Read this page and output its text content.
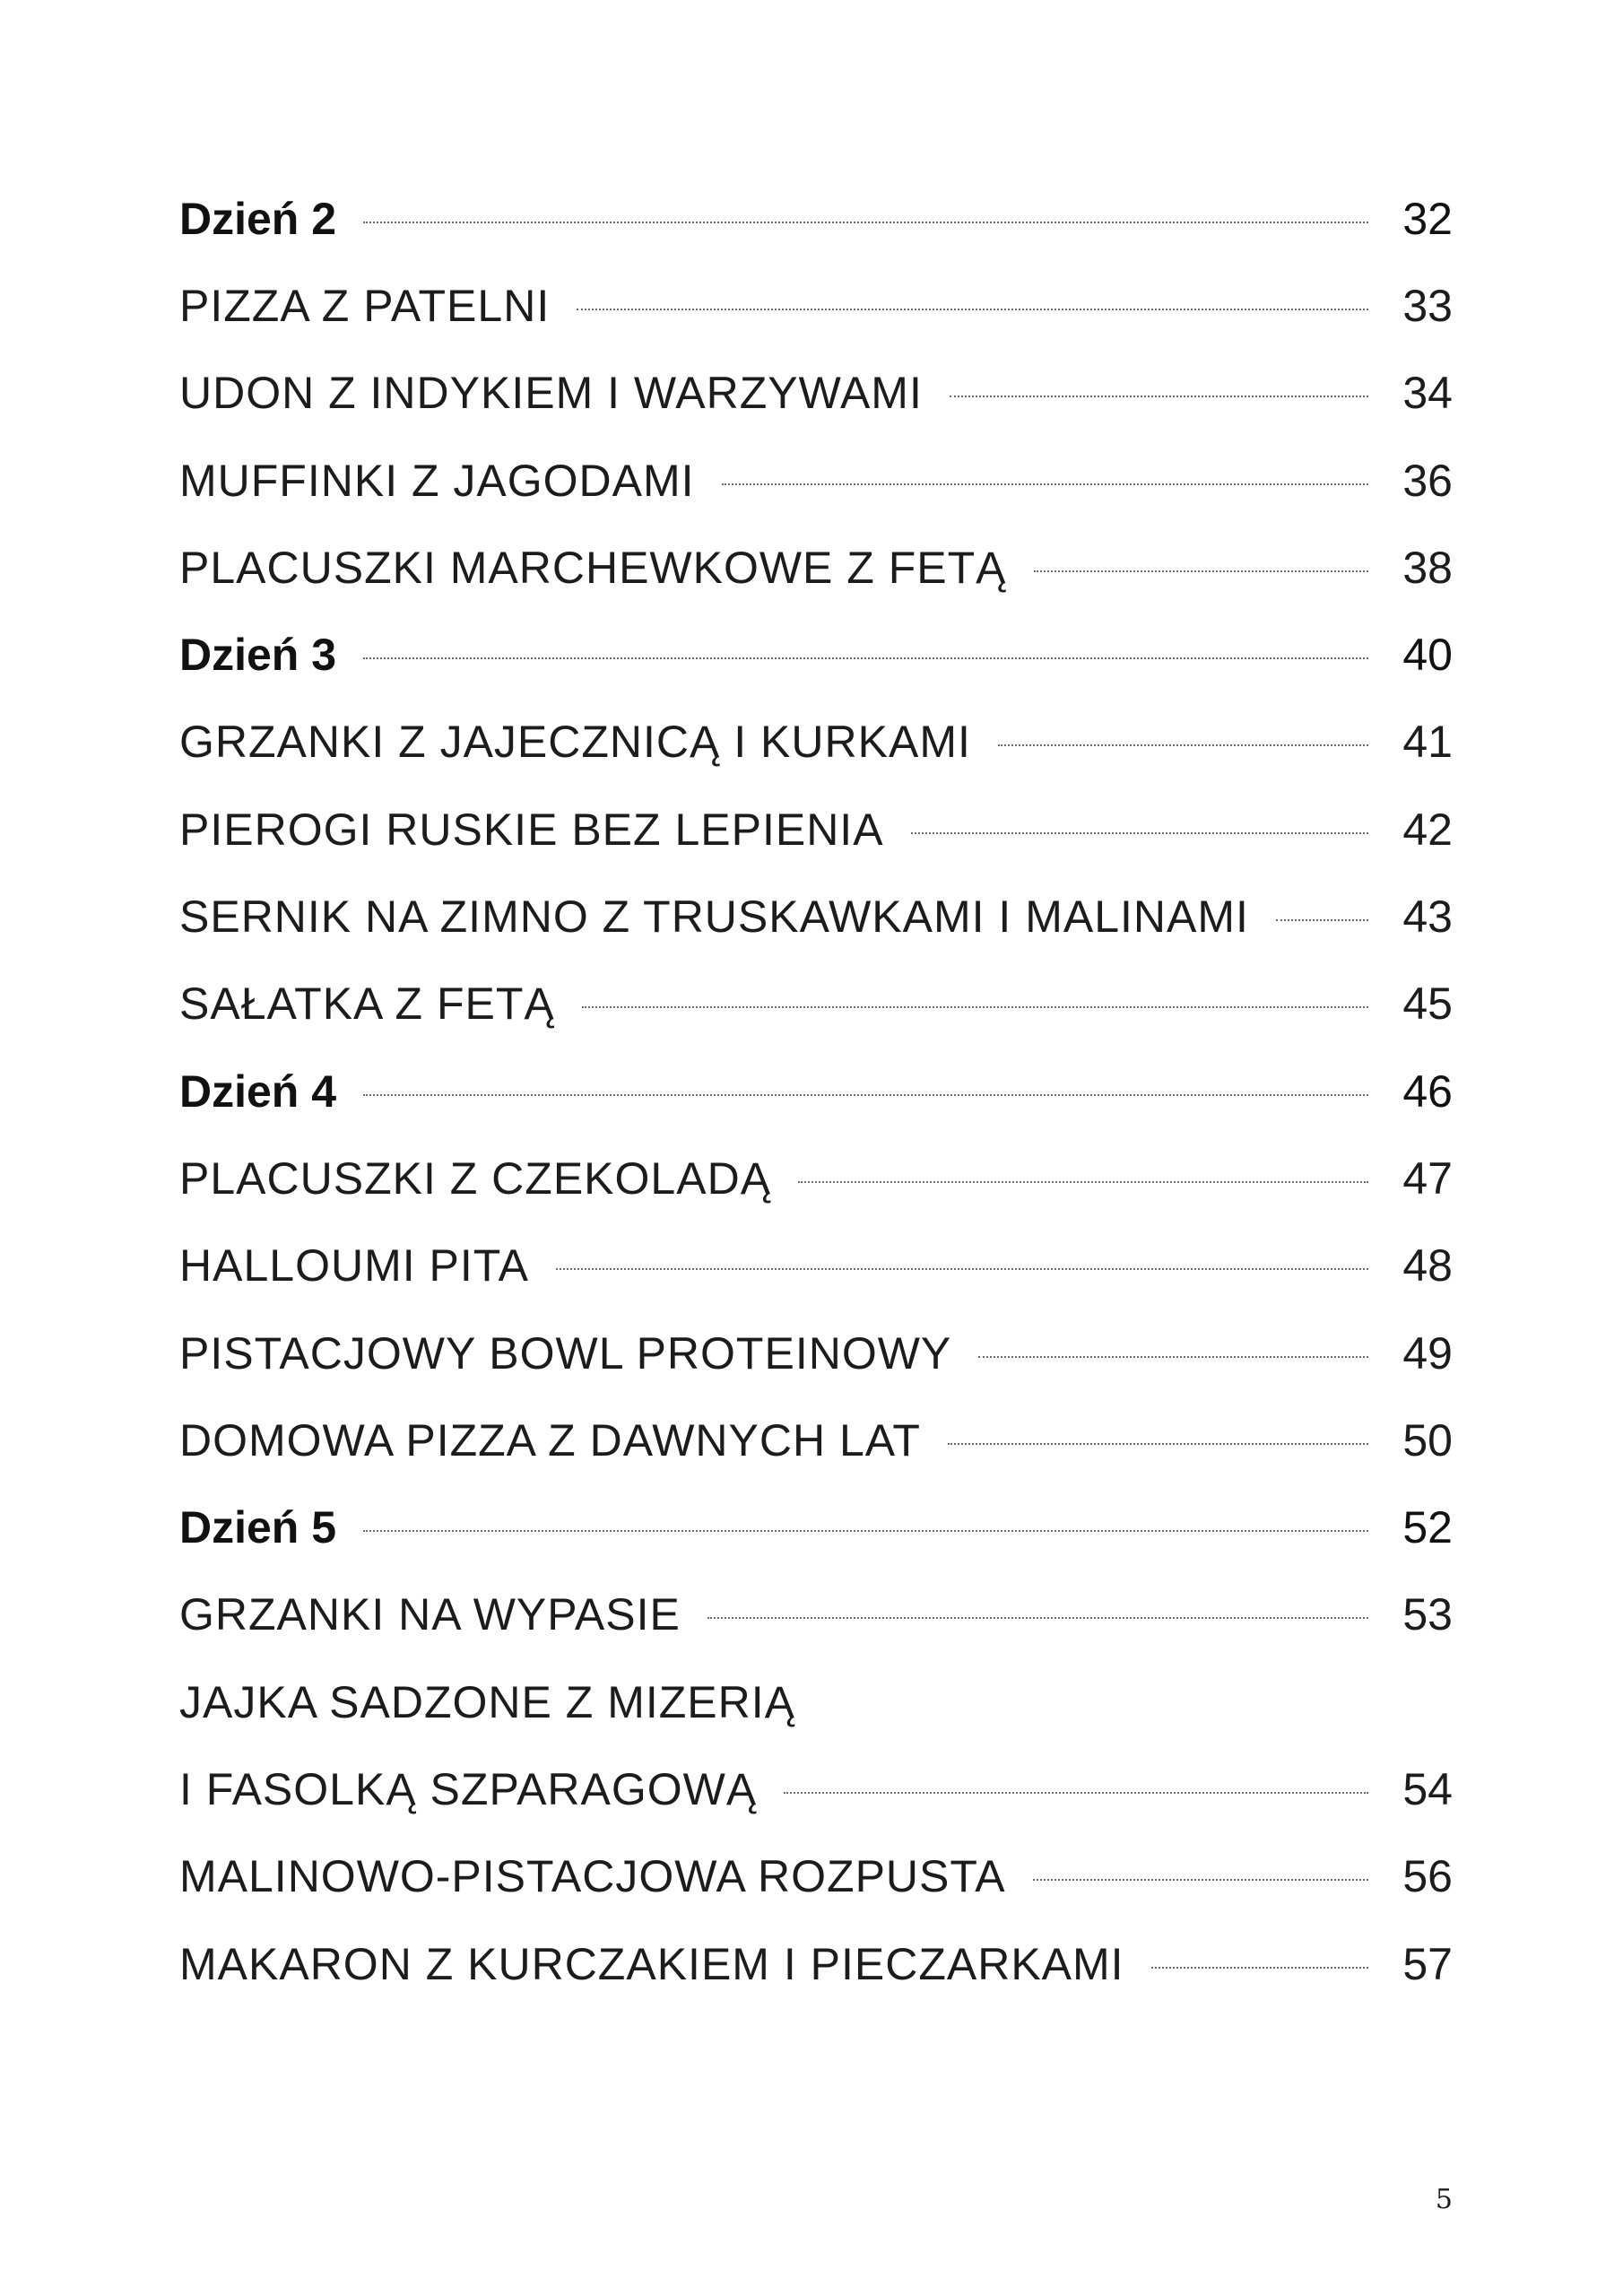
Dzień 2	32
PIZZA Z PATELNI	33
UDON Z INDYKIEM I WARZYWAMI	34
MUFFINKI Z JAGODAMI	36
PLACUSZKI MARCHEWKOWE Z FETĄ	38
Dzień 3	40
GRZANKI Z JAJECZNICĄ I KURKAMI	41
PIEROGI RUSKIE BEZ LEPIENIA	42
SERNIK NA ZIMNO Z TRUSKAWKAMI I MALINAMI	43
SAŁATKA Z FETĄ	45
Dzień 4	46
PLACUSZKI Z CZEKOLADĄ	47
HALLOUMI PITA	48
PISTACJOWY BOWL PROTEINOWY	49
DOMOWA PIZZA Z DAWNYCH LAT	50
Dzień 5	52
GRZANKI NA WYPASIE	53
JAJKA SADZONE Z MIZERIĄ
I FASOLKĄ SZPARAGOWĄ	54
MALINOWO-PISTACJOWA ROZPUSTA	56
MAKARON Z KURCZAKIEM I PIECZARKAMI	57
5
